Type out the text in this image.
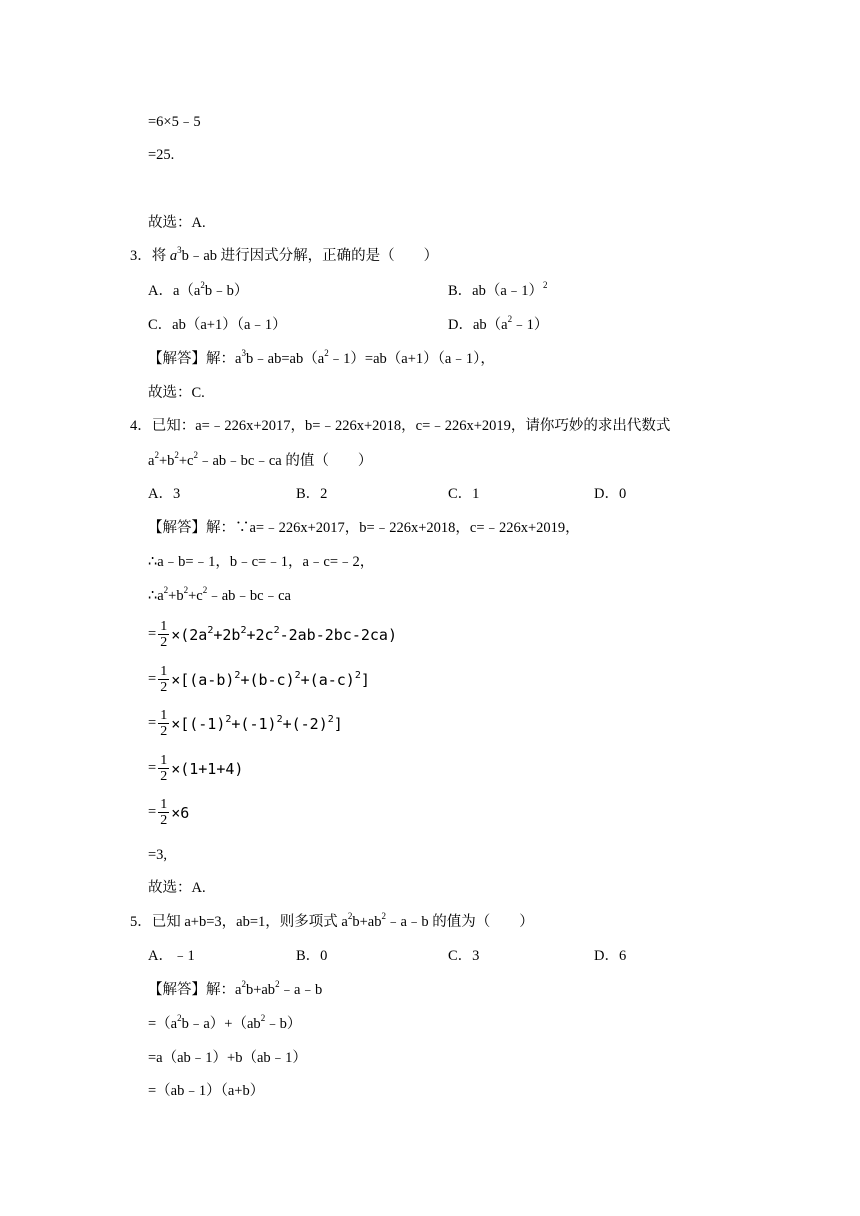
=6×5﹣5
=25.
故选：A.
3．将 $a^3b﹣ab$ 进行因式分解，正确的是（　　）
A．$a(a^2b﹣b)$	B．ab（a﹣1）$^2$
C．ab（a+1）（a﹣1）	D．$ab(a^2﹣1)$
【解答】解：$a^3b﹣ab=ab(a^2﹣1)=ab(a+1)(a﹣1)$，
故选：C.
4．已知：a=﹣226x+2017，b=﹣226x+2018，c=﹣226x+2019，请你巧妙的求出代数式
$a^2+b^2+c^2﹣ab﹣bc﹣ca$ 的值（　　）
A．3	B．2	C．1	D．0
【解答】解：∵a=﹣226x+2017，b=﹣226x+2018，c=﹣226x+2019，
∴a﹣b=﹣1，b﹣c=﹣1，a﹣c=﹣2，
$\therefore a^2+b^2+c^2﹣ab﹣bc﹣ca$
= $\frac{1}{2} \times(2a^2+2b^2+2c^2-2ab-2bc-2ca)$
= $\frac{1}{2} \times[(a-b)^2+(b-c)^2+(a-c)^2]$
= $\frac{1}{2} \times[(-1)^2+(-1)^2+(-2)^2]$
= $\frac{1}{2} \times(1+1+4)$
= $\frac{1}{2} \times 6$
=3,
故选：A.
5．已知 a+b=3，ab=1，则多项式 $a^2b+ab^2﹣a﹣b$ 的值为（　　）
A．﹣1	B．0	C．3	D．6
【解答】解：$a^2b+ab^2﹣a﹣b$
$=(a^2b﹣a)+(ab^2﹣b)$
=a（ab﹣1）+b（ab﹣1）
=（ab﹣1）（a+b）
